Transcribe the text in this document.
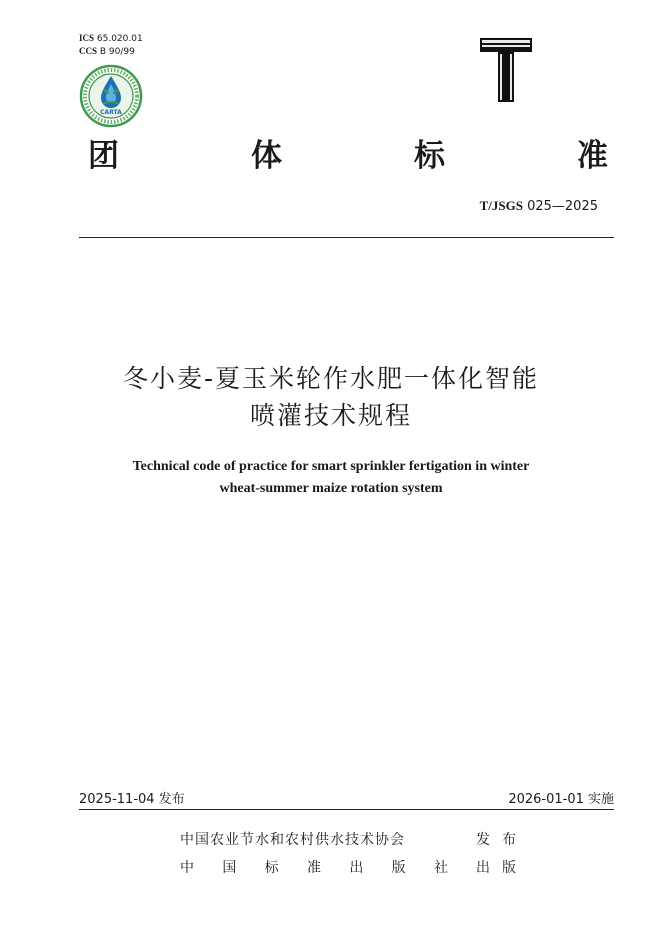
ICS 65.020.01
CCS B 90/99
CARTA
团	体	标	准
T/JSGS 025—2025
冬小麦-夏玉米轮作水肥一体化智能
喷灌技术规程
Technical code of practice for smart sprinkler fertigation in winter
wheat-summer maize rotation system
2025-11-04 发布	2026-01-01 实施
中国农业节水和农村供水技术协会	发 布
中 国 标 准 出 版 社 出 版
